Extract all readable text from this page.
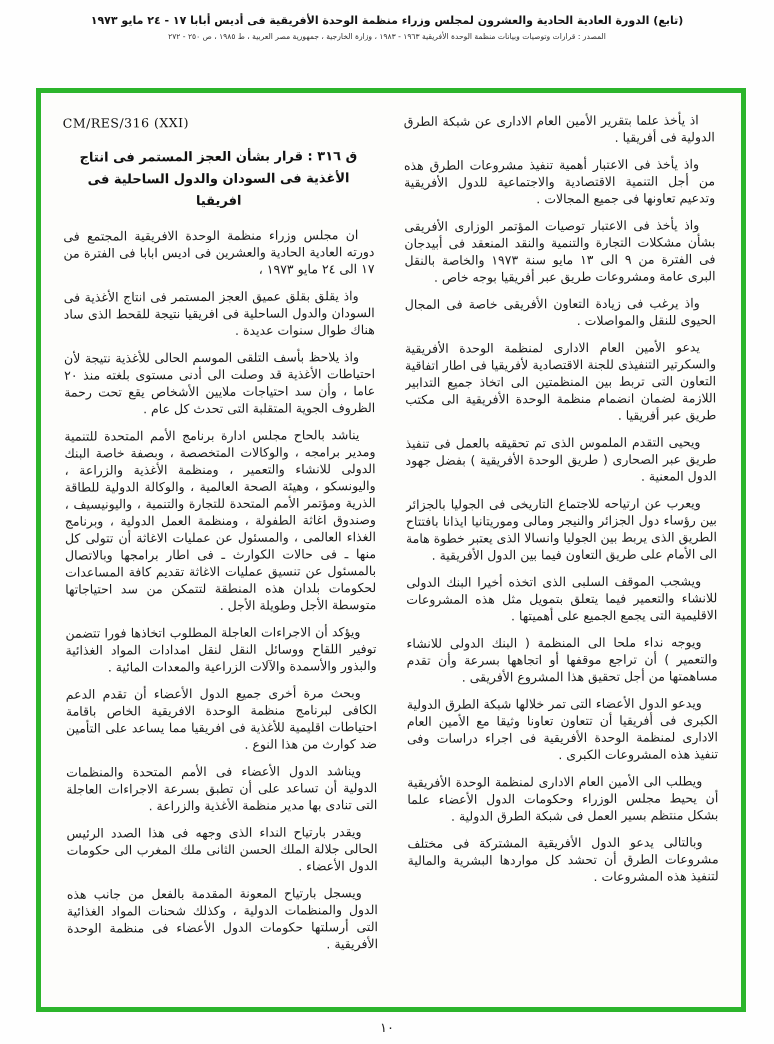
(تابع) الدورة العادية الحادية والعشرون لمجلس وزراء منظمة الوحدة الأفريقية فى أديس أبابا ١٧ - ٢٤ مايو ١٩٧٣
المصدر : قرارات وتوصيات وبيانات منظمة الوحدة الأفريقية ١٩٦٣ - ١٩٨٣ ، وزارة الخارجية ، جمهورية مصر العربية ، ط ١٩٨٥ ، ص ٢٥٠ - ٢٧٢

اذ يأخذ علما بتقرير الأمين العام الادارى عن شبكة الطرق الدولية فى أفريقيا .

واذ يأخذ فى الاعتبار أهمية تنفيذ مشروعات الطرق هذه من أجل التنمية الاقتصادية والاجتماعية للدول الأفريقية وتدعيم تعاونها فى جميع المجالات .

واذ يأخذ فى الاعتبار توصيات المؤتمر الوزارى الأفريقى بشأن مشكلات التجارة والتنمية والنقد المنعقد فى أبيدجان فى الفترة من ٩ الى ١٣ مايو سنة ١٩٧٣ والخاصة بالنقل البرى عامة ومشروعات طريق عبر أفريقيا بوجه خاص .

واذ يرغب فى زيادة التعاون الأفريقى خاصة فى المجال الحيوى للنقل والمواصلات .

يدعو الأمين العام الادارى لمنظمة الوحدة الأفريقية والسكرتير التنفيذى للجنة الاقتصادية لأفريقيا فى اطار اتفاقية التعاون التى تربط بين المنظمتين الى اتخاذ جميع التدابير اللازمة لضمان انضمام منظمة الوحدة الأفريقية الى مكتب طريق عبر أفريقيا .

ويحيى التقدم الملموس الذى تم تحقيقه بالعمل فى تنفيذ طريق عبر الصحارى ( طريق الوحدة الأفريقية ) بفضل جهود الدول المعنية .

ويعرب عن ارتياحه للاجتماع التاريخى فى الجوليا بالجزائر بين رؤساء دول الجزائر والنيجر ومالى وموريتانيا ايذانا بافتتاح الطريق الذى يربط بين الجوليا وانسالا الذى يعتبر خطوة هامة الى الأمام على طريق التعاون فيما بين الدول الأفريقية .

ويشجب الموقف السلبى الذى اتخذه أخيرا البنك الدولى للانشاء والتعمير فيما يتعلق بتمويل مثل هذه المشروعات الاقليمية التى يجمع الجميع على أهميتها .

ويوجه نداء ملحا الى المنظمة ( البنك الدولى للانشاء والتعمير ) أن تراجع موقفها أو اتجاهها بسرعة وأن تقدم مساهمتها من أجل تحقيق هذا المشروع الأفريقى .

ويدعو الدول الأعضاء التى تمر خلالها شبكة الطرق الدولية الكبرى فى أفريقيا أن تتعاون تعاونا وثيقا مع الأمين العام الادارى لمنظمة الوحدة الأفريقية فى اجراء دراسات وفى تنفيذ هذه المشروعات الكبرى .

ويطلب الى الأمين العام الادارى لمنظمة الوحدة الأفريقية أن يحيط مجلس الوزراء وحكومات الدول الأعضاء علما بشكل منتظم بسير العمل فى شبكة الطرق الدولية .

وبالتالى يدعو الدول الأفريقية المشتركة فى مختلف مشروعات الطرق أن تحشد كل مواردها البشرية والمالية لتنفيذ هذه المشروعات .

CM/RES/316 (XXI)
ق ٣١٦ : قرار بشأن العجز المستمر فى انتاج
الأغذية فى السودان والدول الساحلية فى افريقيا

ان مجلس وزراء منظمة الوحدة الافريقية المجتمع فى دورته العادية الحادية والعشرين فى اديس ابابا فى الفترة من ١٧ الى ٢٤ مايو ١٩٧٣ ،

واذ يقلق بقلق عميق العجز المستمر فى انتاج الأغذية فى السودان والدول الساحلية فى افريقيا نتيجة للقحط الذى ساد هناك طوال سنوات عديدة .

واذ يلاحظ بأسف التلقى الموسم الحالى للأغذية نتيجة لأن احتياطات الأغذية قد وصلت الى أدنى مستوى بلغته منذ ٢٠ عاما ، وأن سد احتياجات ملايين الأشخاص يقع تحت رحمة الظروف الجوية المتقلبة التى تحدث كل عام .

يناشد بالحاح مجلس ادارة برنامج الأمم المتحدة للتنمية ومدير برامجه ، والوكالات المتخصصة ، وبصفة خاصة البنك الدولى للانشاء والتعمير ، ومنظمة الأغذية والزراعة ، واليونسكو ، وهيئة الصحة العالمية ، والوكالة الدولية للطاقة الذرية ومؤتمر الأمم المتحدة للتجارة والتنمية ، واليونيسيف ، وصندوق اغاثة الطفولة ، ومنظمة العمل الدولية ، وبرنامج الغذاء العالمى ، والمسئول عن عمليات الاغاثة أن تتولى كل منها ـ فى حالات الكوارث ـ فى اطار برامجها وبالاتصال بالمسئول عن تنسيق عمليات الاغاثة تقديم كافة المساعدات لحكومات بلدان هذه المنطقة لتتمكن من سد احتياجاتها متوسطة الأجل وطويلة الأجل .

ويؤكد أن الاجراءات العاجلة المطلوب اتخاذها فورا تتضمن توفير اللقاح ووسائل النقل لنقل امدادات المواد الغذائية والبذور والأسمدة والآلات الزراعية والمعدات المائية .

وبحث مرة أخرى جميع الدول الأعضاء أن تقدم الدعم الكافى لبرنامج منظمة الوحدة الافريقية الخاص باقامة احتياطات اقليمية للأغذية فى افريقيا مما يساعد على التأمين ضد كوارث من هذا النوع .

ويناشد الدول الأعضاء فى الأمم المتحدة والمنظمات الدولية أن تساعد على أن تطبق بسرعة الاجراءات العاجلة التى تنادى بها مدير منظمة الأغذية والزراعة .

ويقدر بارتياح النداء الذى وجهه فى هذا الصدد الرئيس الحالى جلالة الملك الحسن الثانى ملك المغرب الى حكومات الدول الأعضاء .

ويسجل بارتياح المعونة المقدمة بالفعل من جانب هذه الدول والمنظمات الدولية ، وكذلك شحنات المواد الغذائية التى أرسلتها حكومات الدول الأعضاء فى منظمة الوحدة الأفريقية .

١٠
